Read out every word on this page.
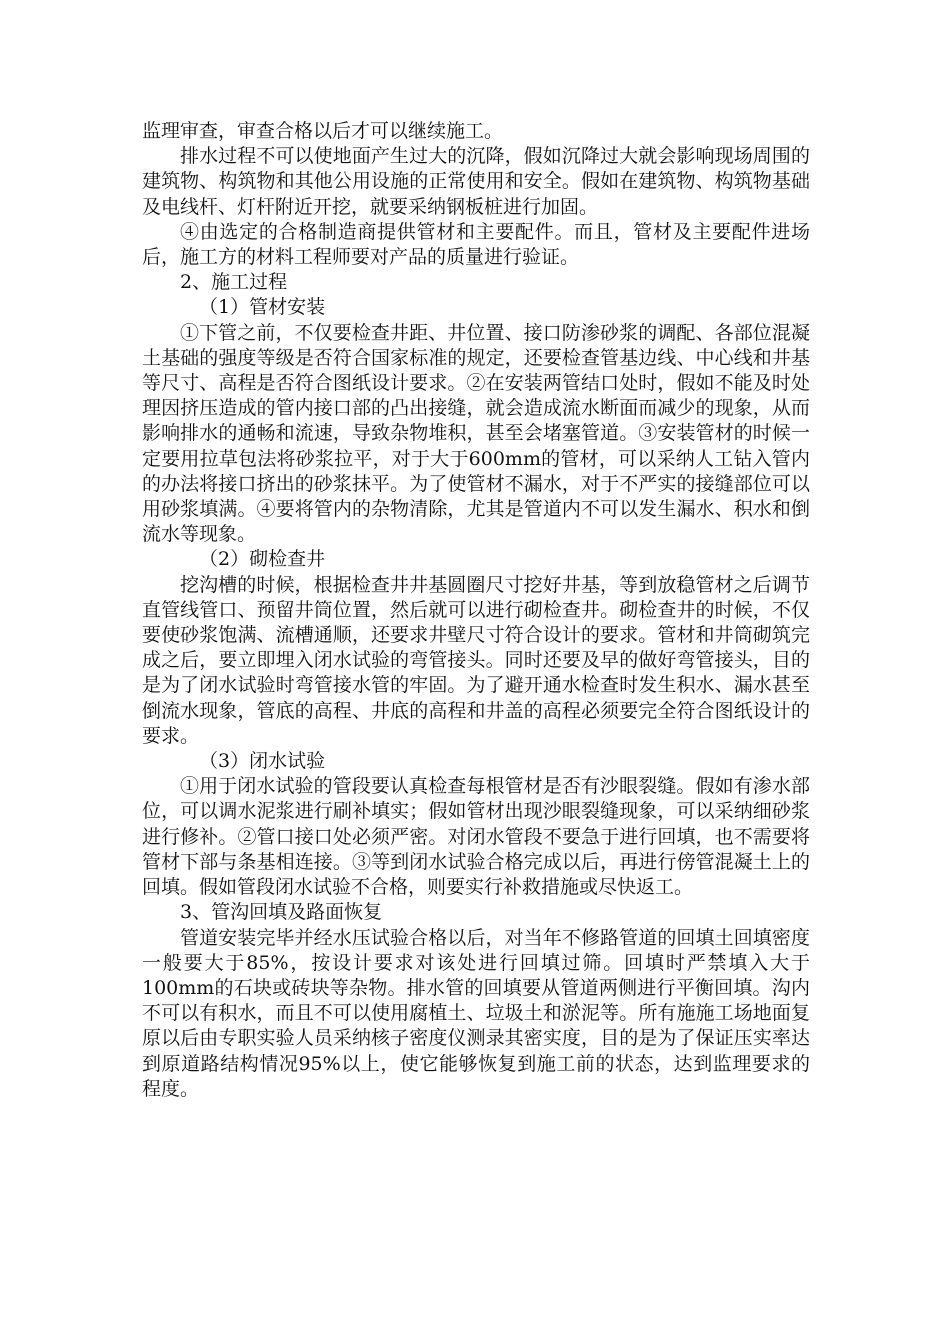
监理审查，审查合格以后才可以继续施工。

排水过程不可以使地面产生过大的沉降，假如沉降过大就会影响现场周围的建筑物、构筑物和其他公用设施的正常使用和安全。假如在建筑物、构筑物基础及电线杆、灯杆附近开挖，就要采纳钢板桩进行加固。

④由选定的合格制造商提供管材和主要配件。而且，管材及主要配件进场后，施工方的材料工程师要对产品的质量进行验证。

2、施工过程

（1）管材安装

①下管之前，不仅要检查井距、井位置、接口防渗砂浆的调配、各部位混凝土基础的强度等级是否符合国家标准的规定，还要检查管基边线、中心线和井基等尺寸、高程是否符合图纸设计要求。②在安装两管结口处时，假如不能及时处理因挤压造成的管内接口部的凸出接缝，就会造成流水断面而减少的现象，从而影响排水的通畅和流速，导致杂物堆积，甚至会堵塞管道。③安装管材的时候一定要用拉草包法将砂浆拉平，对于大于600mm的管材，可以采纳人工钻入管内的办法将接口挤出的砂浆抹平。为了使管材不漏水，对于不严实的接缝部位可以用砂浆填满。④要将管内的杂物清除，尤其是管道内不可以发生漏水、积水和倒流水等现象。

（2）砌检查井

挖沟槽的时候，根据检查井井基圆圈尺寸挖好井基，等到放稳管材之后调节直管线管口、预留井筒位置，然后就可以进行砌检查井。砌检查井的时候，不仅要使砂浆饱满、流槽通顺，还要求井壁尺寸符合设计的要求。管材和井筒砌筑完成之后，要立即埋入闭水试验的弯管接头。同时还要及早的做好弯管接头，目的是为了闭水试验时弯管接水管的牢固。为了避开通水检查时发生积水、漏水甚至倒流水现象，管底的高程、井底的高程和井盖的高程必须要完全符合图纸设计的要求。

（3）闭水试验

①用于闭水试验的管段要认真检查每根管材是否有沙眼裂缝。假如有渗水部位，可以调水泥浆进行刷补填实；假如管材出现沙眼裂缝现象，可以采纳细砂浆进行修补。②管口接口处必须严密。对闭水管段不要急于进行回填，也不需要将管材下部与条基相连接。③等到闭水试验合格完成以后，再进行傍管混凝土上的回填。假如管段闭水试验不合格，则要实行补救措施或尽快返工。

3、管沟回填及路面恢复

管道安装完毕并经水压试验合格以后，对当年不修路管道的回填土回填密度一般要大于85%，按设计要求对该处进行回填过筛。回填时严禁填入大于100mm的石块或砖块等杂物。排水管的回填要从管道两侧进行平衡回填。沟内不可以有积水，而且不可以使用腐植土、垃圾土和淤泥等。所有施施工场地面复原以后由专职实验人员采纳核子密度仪测录其密实度，目的是为了保证压实率达到原道路结构情况95%以上，使它能够恢复到施工前的状态，达到监理要求的程度。
